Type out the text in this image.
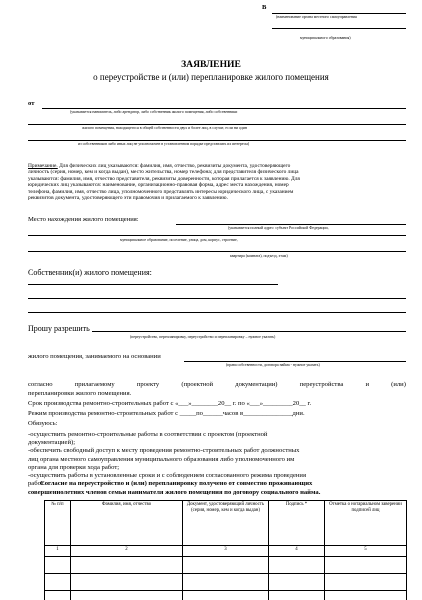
В
(наименование органа местного самоуправления
муниципального образования)
ЗАЯВЛЕНИЕ
о переустройстве и (или) перепланировке жилого помещения
от
(указывается наниматель, либо арендатор, либо собственник жилого помещения, либо собственники
жилого помещения, находящегося в общей собственности двух и более лиц, в случае, если ни один
из собственников либо иных лиц не уполномочен в установленном порядке представлять их интересы)
Примечание. Для физических лиц указываются: фамилия, имя, отчество, реквизиты документа, удостоверяющего
личность (серия, номер, кем и когда выдан), место жительства, номер телефона; для представителя физического лица
указываются: фамилия, имя, отчество представителя, реквизиты доверенности, которая прилагается к заявлению. Для
юридических лиц указываются: наименование, организационно-правовая форма, адрес места нахождения, номер
телефона, фамилия, имя, отчество лица, уполномоченного представлять интересы юридического лица, с указанием
реквизитов документа, удостоверяющего эти правомочия и прилагаемого к заявлению.
Место нахождения жилого помещения:
(указывается полный адрес: субъект Российской Федерации,
муниципальное образование, поселение, улица, дом, корпус, строение,
квартира (комната), подъезд, этаж)
Собственник(и) жилого помещения:
Прошу разрешить
(переустройство, перепланировку, переустройство и перепланировку – нужное указать)
жилого помещения, занимаемого на основании
(права собственности, договора найма - нужное указать)
согласно	прилагаемому	проекту	(проектной	документации)	переустройства	и	(или)
перепланировки жилого помещения.
Срок производства ремонтно-строительных работ с «___»________20__ г. по «___»_________20__ г.
Режим производства ремонтно-строительных работ с _____по______часов в_______________дни.
Обязуюсь:
-осуществить ремонтно-строительные работы в соответствии с проектом (проектной
документацией);
-обеспечить свободный доступ к месту проведения ремонтно-строительных работ должностных
лиц органа местного самоуправления муниципального образования либо уполномоченного им
органа для проверки хода работ;
-осуществить работы в установленные сроки и с соблюдением согласованного режима проведения
работ.
Согласие на переустройство и (или) перепланировку получено от совместно проживающих
совершеннолетних членов семьи нанимателя жилого помещения по договору социального найма.
№ п/п	Фамилия, имя, отчество	Документ, удостоверяющий личность (серия, номер, кем и когда выдан)	Подпись *	Отметка о нотариальном заверении подписей лиц
1	2	3	4	5
